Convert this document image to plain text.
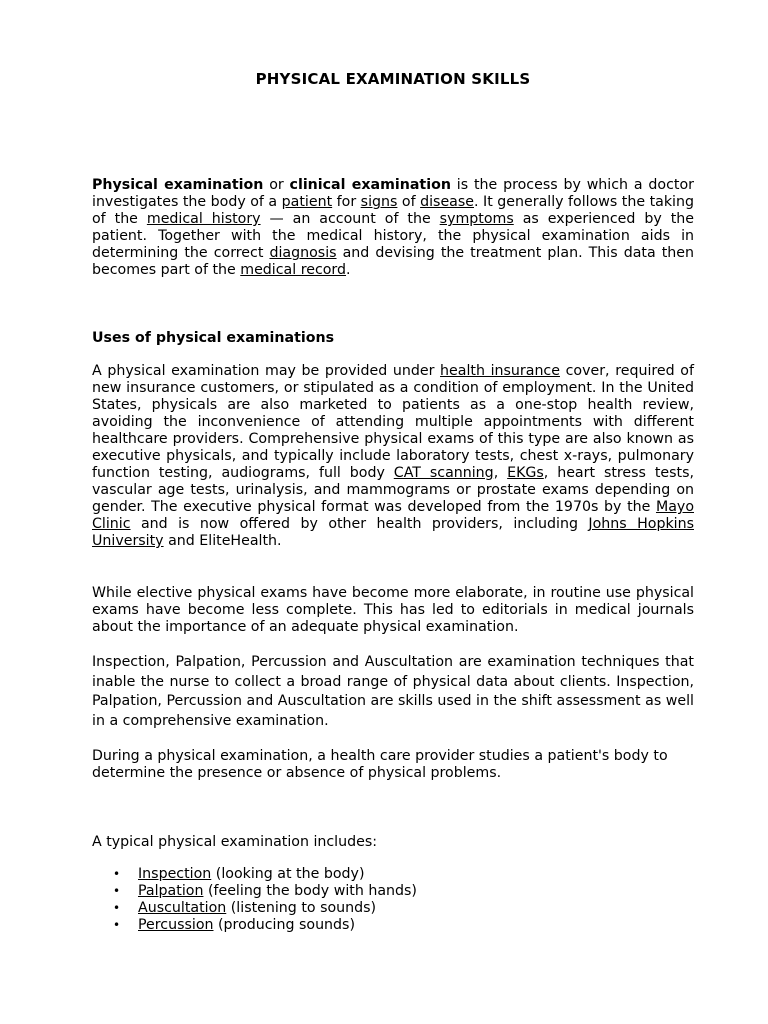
PHYSICAL EXAMINATION SKILLS
Physical examination or clinical examination is the process by which a doctor investigates the body of a patient for signs of disease. It generally follows the taking of the medical history — an account of the symptoms as experienced by the patient. Together with the medical history, the physical examination aids in determining the correct diagnosis and devising the treatment plan. This data then becomes part of the medical record.
Uses of physical examinations
A physical examination may be provided under health insurance cover, required of new insurance customers, or stipulated as a condition of employment. In the United States, physicals are also marketed to patients as a one-stop health review, avoiding the inconvenience of attending multiple appointments with different healthcare providers. Comprehensive physical exams of this type are also known as executive physicals, and typically include laboratory tests, chest x-rays, pulmonary function testing, audiograms, full body CAT scanning, EKGs, heart stress tests, vascular age tests, urinalysis, and mammograms or prostate exams depending on gender. The executive physical format was developed from the 1970s by the Mayo Clinic and is now offered by other health providers, including Johns Hopkins University and EliteHealth.
While elective physical exams have become more elaborate, in routine use physical exams have become less complete. This has led to editorials in medical journals about the importance of an adequate physical examination.
Inspection, Palpation, Percussion and Auscultation are examination techniques that inable the nurse to collect a broad range of physical data about clients. Inspection, Palpation, Percussion and Auscultation are skills used in the shift assessment as well in a comprehensive examination.
During a physical examination, a health care provider studies a patient's body to determine the presence or absence of physical problems.
A typical physical examination includes:
• Inspection (looking at the body)
• Palpation (feeling the body with hands)
• Auscultation (listening to sounds)
• Percussion (producing sounds)
